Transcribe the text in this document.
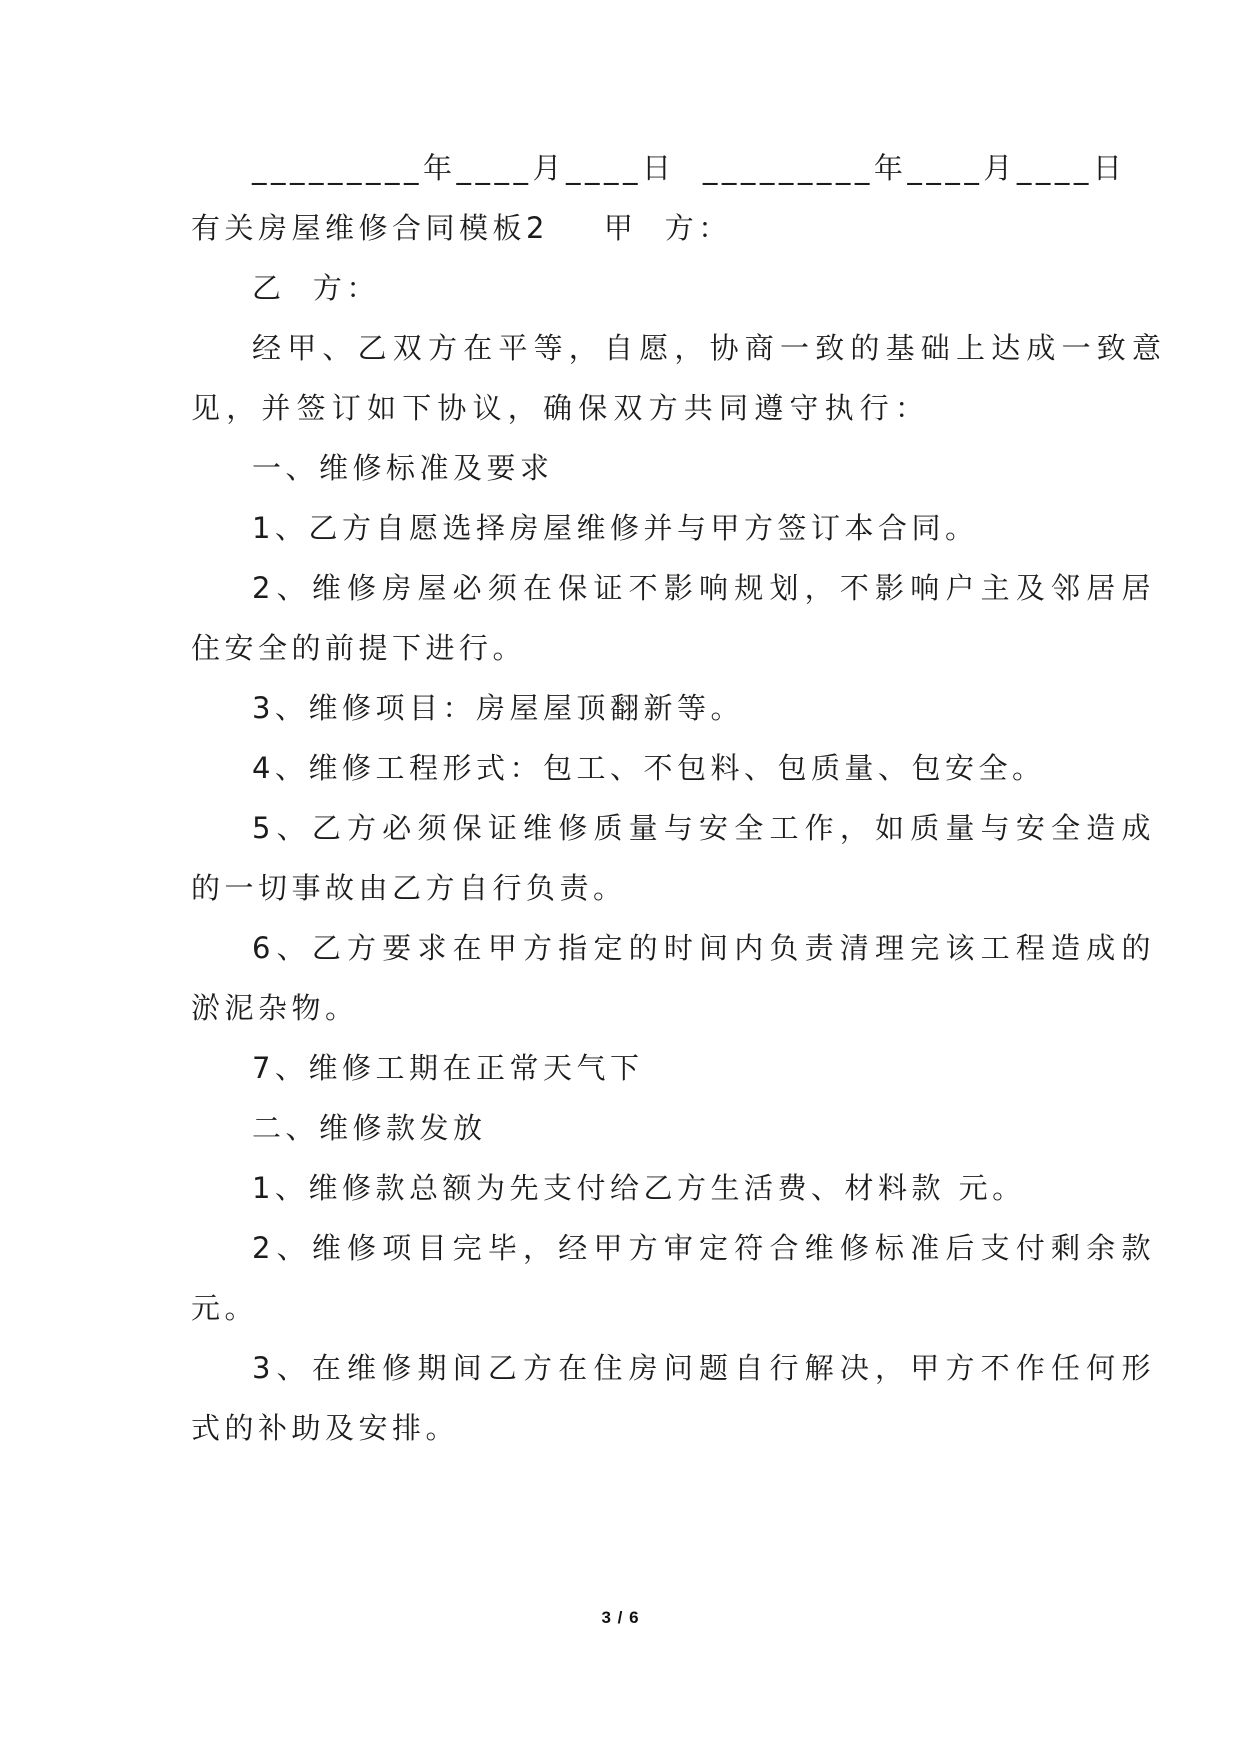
_________年____月____日  _________年____月____日

有关房屋维修合同模板2    甲  方：

乙  方：

经甲、乙双方在平等，自愿，协商一致的基础上达成一致意

见，并签订如下协议，确保双方共同遵守执行：

一、维修标准及要求

1、乙方自愿选择房屋维修并与甲方签订本合同。

2、维修房屋必须在保证不影响规划，不影响户主及邻居居

住安全的前提下进行。

3、维修项目：房屋屋顶翻新等。

4、维修工程形式：包工、不包料、包质量、包安全。

5、乙方必须保证维修质量与安全工作，如质量与安全造成

的一切事故由乙方自行负责。

6、乙方要求在甲方指定的时间内负责清理完该工程造成的

淤泥杂物。

7、维修工期在正常天气下

二、维修款发放

1、维修款总额为先支付给乙方生活费、材料款 元。

2、维修项目完毕，经甲方审定符合维修标准后支付剩余款

元。

3、在维修期间乙方在住房问题自行解决，甲方不作任何形

式的补助及安排。

3 / 6
